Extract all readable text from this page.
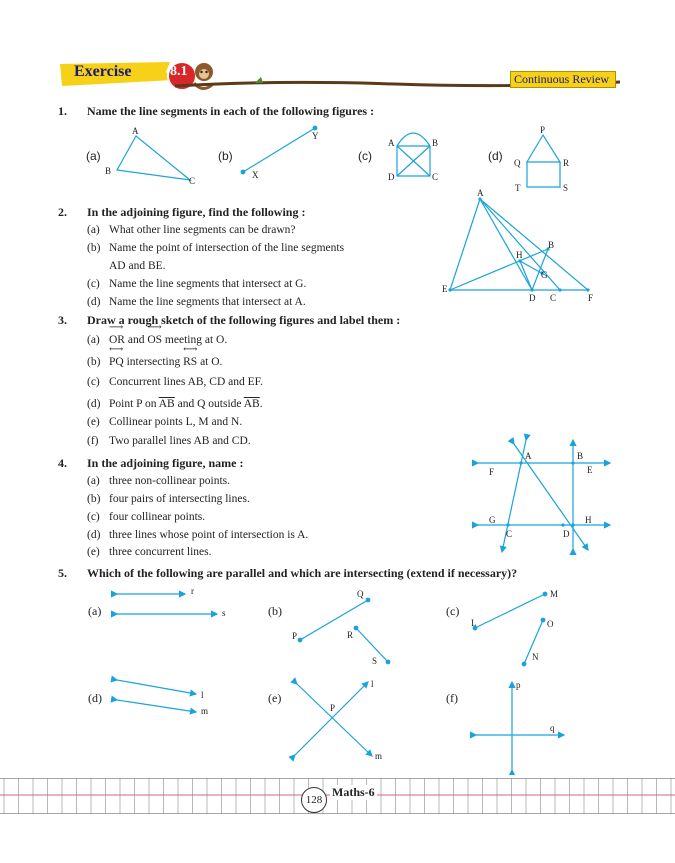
Exercise	8.1	Continuous Review
1. Name the line segments in each of the following figures :
(a)	(b)	(c)	(d)
A
B
C
X
Y
A	B
C
D
P
Q	R
T	S
2. In the adjoining figure, find the following :
(a) What other line segments can be drawn?
(b) Name the point of intersection of the line segments
AD and BE.
(c) Name the line segments that intersect at G.
(d) Name the line segments that intersect at A.
A
B
H
G
E
D C	F
3. Draw a rough sketch of the following figures and label them :
(a) ⟶ OR and ⟶ OS meeting at O.
(b) ⟷ PQ intersecting ⟷ RS at O.
(c) Concurrent lines AB, CD and EF.
(d) Point P on $\overline{AB}$ and Q outside $\overline{AB}$.
(e) Collinear points L, M and N.
(f) Two parallel lines AB and CD.
4. In the adjoining figure, name :
(a) three non-collinear points.
(b) four pairs of intersecting lines.
(c) four collinear points.
(d) three lines whose point of intersection is A.
(e) three concurrent lines.
A	B
F	E
G	H
C	D
5. Which of the following are parallel and which are intersecting (extend if necessary)?
(a)	(b)	(c)
(d)	(e)	(f)
r
s
Q
P	R
S
M
L	O
N
l
m
l
P
m
p
q
128
Maths-6
